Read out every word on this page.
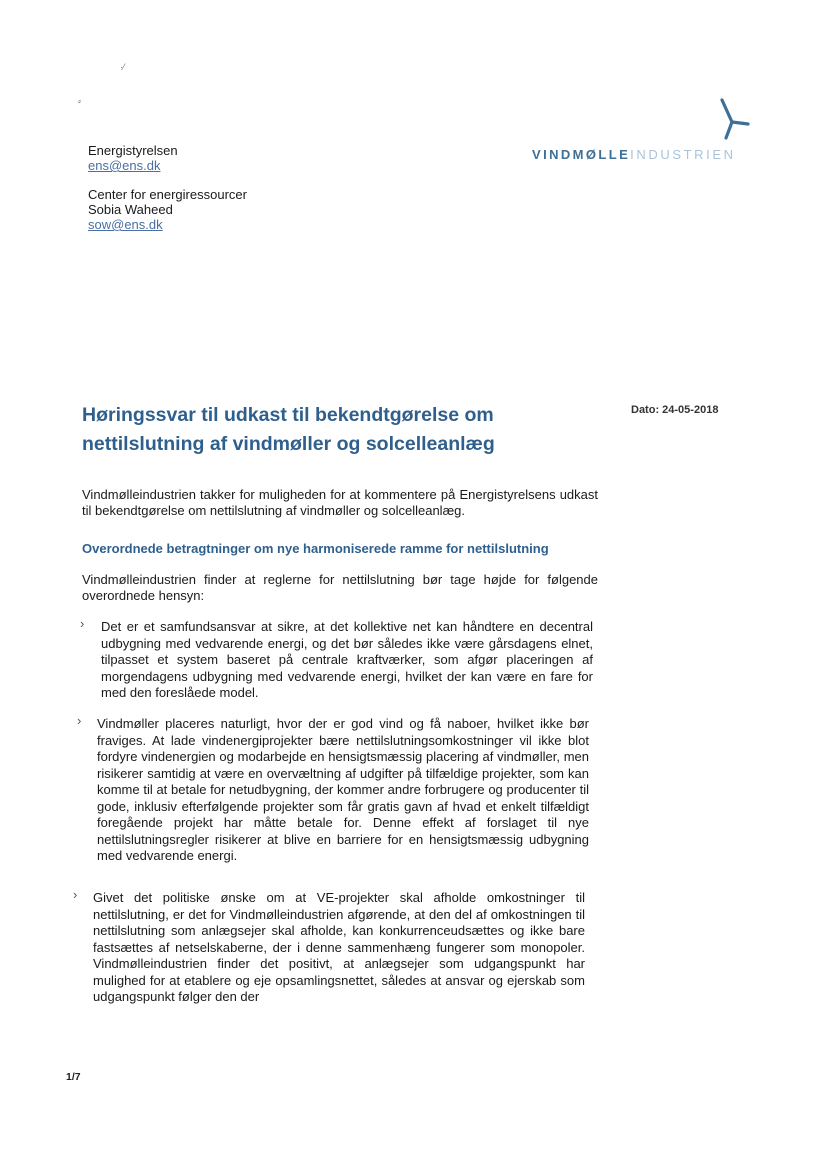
·⁄
⸗
Energistyrelsen
ens@ens.dk
Center for energiressourcer
Sobia Waheed
sow@ens.dk
VINDMØLLEINDUSTRIEN
Høringssvar til udkast til bekendtgørelse om nettilslutning af vindmøller og solcelleanlæg
Dato: 24-05-2018
Vindmølleindustrien takker for muligheden for at kommentere på Energistyrelsens udkast til bekendtgørelse om nettilslutning af vindmøller og solcelleanlæg.
Overordnede betragtninger om nye harmoniserede ramme for nettilslutning
Vindmølleindustrien finder at reglerne for nettilslutning bør tage højde for følgende overordnede hensyn:
› Det er et samfundsansvar at sikre, at det kollektive net kan håndtere en decentral udbygning med vedvarende energi, og det bør således ikke være gårsdagens elnet, tilpasset et system baseret på centrale kraftværker, som afgør placeringen af morgendagens udbygning med vedvarende energi, hvilket der kan være en fare for med den foreslåede model.
› Vindmøller placeres naturligt, hvor der er god vind og få naboer, hvilket ikke bør fraviges. At lade vindenergiprojekter bære nettilslutningsomkostninger vil ikke blot fordyre vindenergien og modarbejde en hensigtsmæssig placering af vindmøller, men risikerer samtidig at være en overvæltning af udgifter på tilfældige projekter, som kan komme til at betale for netudbygning, der kommer andre forbrugere og producenter til gode, inklusiv efterfølgende projekter som får gratis gavn af hvad et enkelt tilfældigt foregående projekt har måtte betale for. Denne effekt af forslaget til nye nettilslutningsregler risikerer at blive en barriere for en hensigtsmæssig udbygning med vedvarende energi.
› Givet det politiske ønske om at VE-projekter skal afholde omkostninger til nettilslutning, er det for Vindmølleindustrien afgørende, at den del af omkostningen til nettilslutning som anlægsejer skal afholde, kan konkurrenceudsættes og ikke bare fastsættes af netselskaberne, der i denne sammenhæng fungerer som monopoler. Vindmølleindustrien finder det positivt, at anlægsejer som udgangspunkt har mulighed for at etablere og eje opsamlingsnettet, således at ansvar og ejerskab som udgangspunkt følger den der
1/7
